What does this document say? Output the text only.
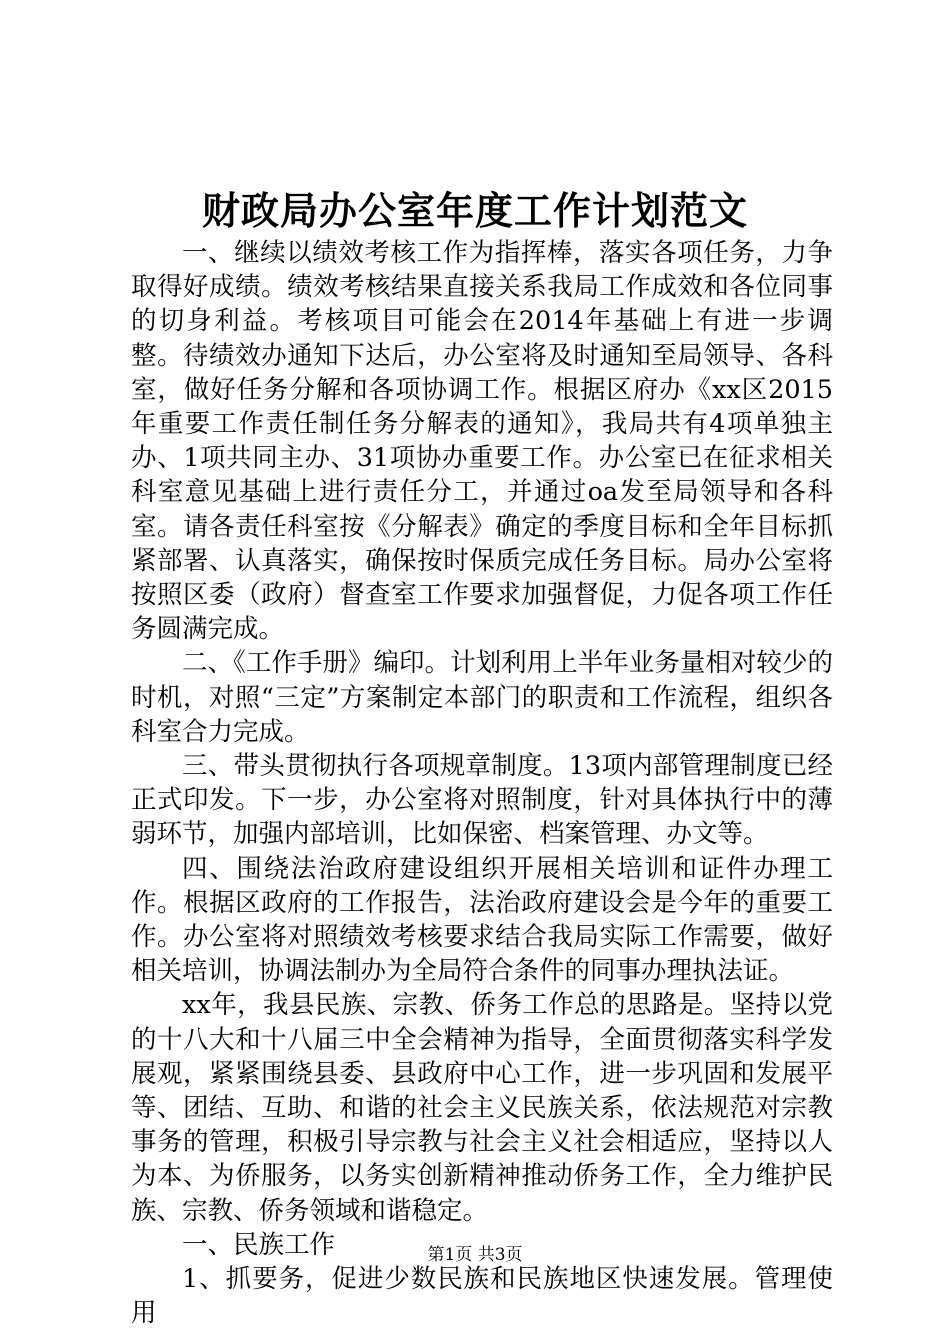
财政局办公室年度工作计划范文

一、继续以绩效考核工作为指挥棒，落实各项任务，力争取得好成绩。绩效考核结果直接关系我局工作成效和各位同事的切身利益。考核项目可能会在2014年基础上有进一步调整。待绩效办通知下达后，办公室将及时通知至局领导、各科室，做好任务分解和各项协调工作。根据区府办《xx区2015年重要工作责任制任务分解表的通知》，我局共有4项单独主办、1项共同主办、31项协办重要工作。办公室已在征求相关科室意见基础上进行责任分工，并通过oa发至局领导和各科室。请各责任科室按《分解表》确定的季度目标和全年目标抓紧部署、认真落实，确保按时保质完成任务目标。局办公室将按照区委（政府）督查室工作要求加强督促，力促各项工作任务圆满完成。

二、《工作手册》编印。计划利用上半年业务量相对较少的时机，对照“三定”方案制定本部门的职责和工作流程，组织各科室合力完成。

三、带头贯彻执行各项规章制度。13项内部管理制度已经正式印发。下一步，办公室将对照制度，针对具体执行中的薄弱环节，加强内部培训，比如保密、档案管理、办文等。

四、围绕法治政府建设组织开展相关培训和证件办理工作。根据区政府的工作报告，法治政府建设会是今年的重要工作。办公室将对照绩效考核要求结合我局实际工作需要，做好相关培训，协调法制办为全局符合条件的同事办理执法证。

xx年，我县民族、宗教、侨务工作总的思路是。坚持以党的十八大和十八届三中全会精神为指导，全面贯彻落实科学发展观，紧紧围绕县委、县政府中心工作，进一步巩固和发展平等、团结、互助、和谐的社会主义民族关系，依法规范对宗教事务的管理，积极引导宗教与社会主义社会相适应，坚持以人为本、为侨服务，以务实创新精神推动侨务工作，全力维护民族、宗教、侨务领域和谐稳定。

一、民族工作

1、抓要务，促进少数民族和民族地区快速发展。管理使用

第1页 共3页
